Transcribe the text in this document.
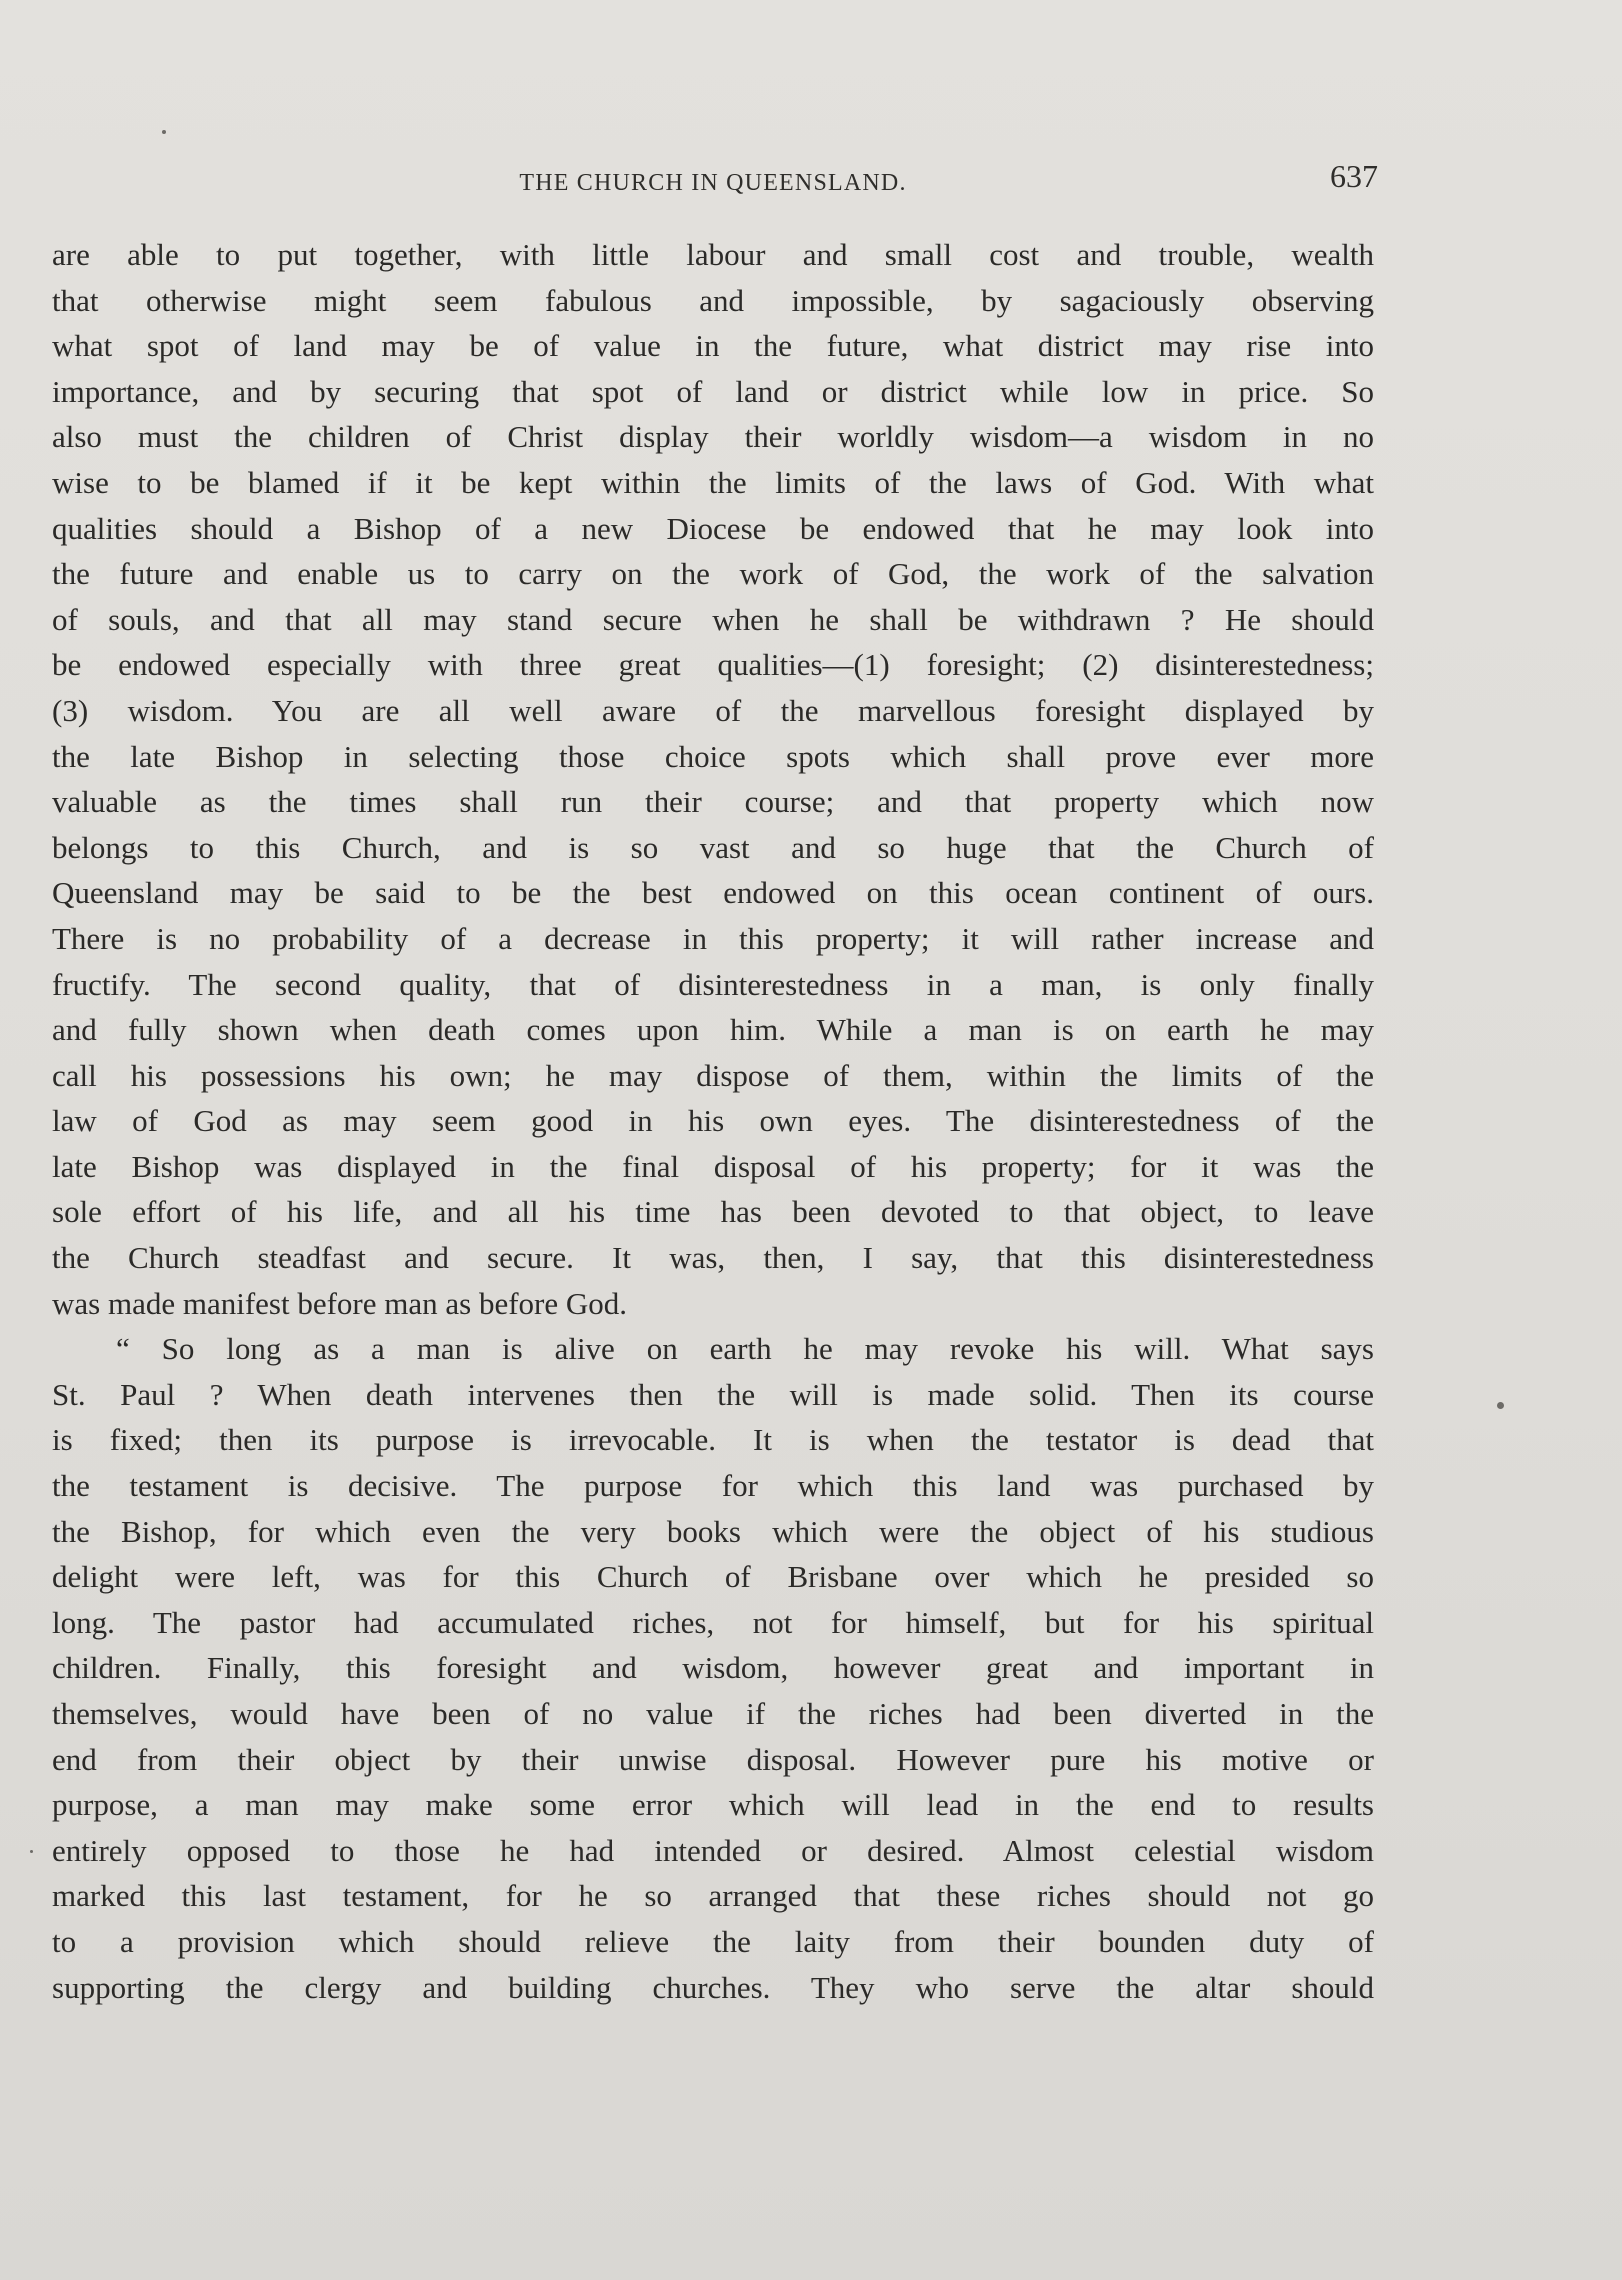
THE CHURCH IN QUEENSLAND.	637
are able to put together, with little labour and small cost and trouble, wealth
that otherwise might seem fabulous and impossible, by sagaciously observing
what spot of land may be of value in the future, what district may rise into
importance, and by securing that spot of land or district while low in price. So
also must the children of Christ display their worldly wisdom—a wisdom in no
wise to be blamed if it be kept within the limits of the laws of God. With what
qualities should a Bishop of a new Diocese be endowed that he may look into
the future and enable us to carry on the work of God, the work of the salvation
of souls, and that all may stand secure when he shall be withdrawn ? He should
be endowed especially with three great qualities—(1) foresight; (2) disinterestedness;
(3) wisdom. You are all well aware of the marvellous foresight displayed by
the late Bishop in selecting those choice spots which shall prove ever more
valuable as the times shall run their course; and that property which now
belongs to this Church, and is so vast and so huge that the Church of
Queensland may be said to be the best endowed on this ocean continent of ours.
There is no probability of a decrease in this property; it will rather increase and
fructify. The second quality, that of disinterestedness in a man, is only finally
and fully shown when death comes upon him. While a man is on earth he may
call his possessions his own; he may dispose of them, within the limits of the
law of God as may seem good in his own eyes. The disinterestedness of the
late Bishop was displayed in the final disposal of his property; for it was the
sole effort of his life, and all his time has been devoted to that object, to leave
the Church steadfast and secure. It was, then, I say, that this disinterestedness
was made manifest before man as before God.
“ So long as a man is alive on earth he may revoke his will. What says
St. Paul ? When death intervenes then the will is made solid. Then its course
is fixed; then its purpose is irrevocable. It is when the testator is dead that
the testament is decisive. The purpose for which this land was purchased by
the Bishop, for which even the very books which were the object of his studious
delight were left, was for this Church of Brisbane over which he presided so
long. The pastor had accumulated riches, not for himself, but for his spiritual
children. Finally, this foresight and wisdom, however great and important in
themselves, would have been of no value if the riches had been diverted in the
end from their object by their unwise disposal. However pure his motive or
purpose, a man may make some error which will lead in the end to results
entirely opposed to those he had intended or desired. Almost celestial wisdom
marked this last testament, for he so arranged that these riches should not go
to a provision which should relieve the laity from their bounden duty of
supporting the clergy and building churches. They who serve the altar should
